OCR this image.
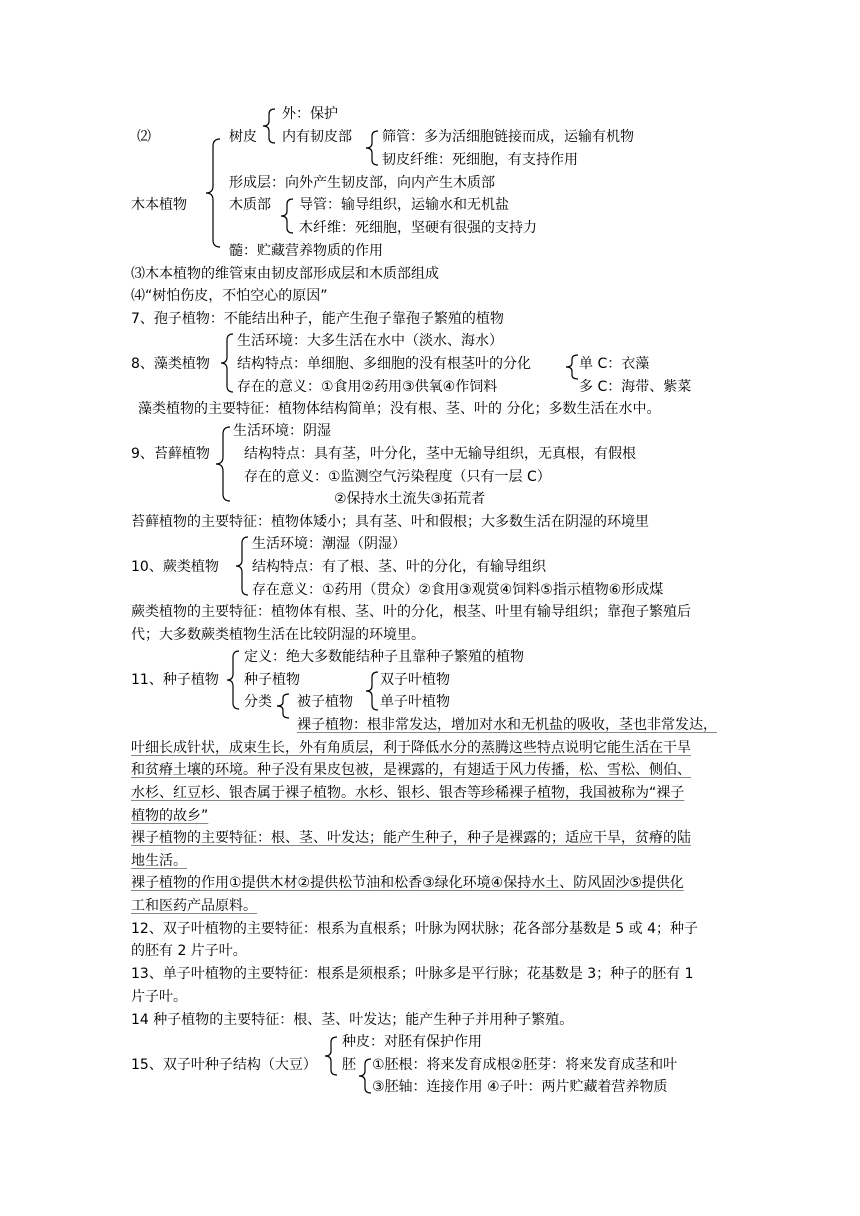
⑵
木本植物
树皮
外：保护
内有韧皮部 筛管：多为活细胞链接而成，运输有机物
韧皮纤维：死细胞，有支持作用
形成层：向外产生韧皮部，向内产生木质部
木质部 导管：输导组织，运输水和无机盐
木纤维：死细胞，坚硬有很强的支持力
髓：贮藏营养物质的作用
⑶木本植物的维管束由韧皮部形成层和木质部组成
⑷“树怕伤皮，不怕空心的原因”
7、孢子植物：不能结出种子，能产生孢子靠孢子繁殖的植物
8、藻类植物
生活环境：大多生活在水中（淡水、海水）
结构特点：单细胞、多细胞的没有根茎叶的分化	单 C：衣藻
多 C：海带、紫菜
存在的意义：①食用②药用③供氧④作饲料
藻类植物的主要特征：植物体结构简单；没有根、茎、叶的 分化；多数生活在水中。
9、苔藓植物
生活环境：阴湿
结构特点：具有茎，叶分化，茎中无输导组织，无真根，有假根
存在的意义：①监测空气污染程度（只有一层 C）
②保持水土流失③拓荒者
苔藓植物的主要特征：植物体矮小；具有茎、叶和假根；大多数生活在阴湿的环境里
10、蕨类植物
生活环境：潮湿（阴湿）
结构特点：有了根、茎、叶的分化，有输导组织
存在意义：①药用（贯众）②食用③观赏④饲料⑤指示植物⑥形成煤
蕨类植物的主要特征：植物体有根、茎、叶的分化，根茎、叶里有输导组织；靠孢子繁殖后
代；大多数蕨类植物生活在比较阴湿的环境里。
11、种子植物
定义：绝大多数能结种子且靠种子繁殖的植物
种子植物
分类 被子植物
双子叶植物
单子叶植物
裸子植物：根非常发达，增加对水和无机盐的吸收，茎也非常发达，
叶细长成针状，成束生长，外有角质层，利于降低水分的蒸腾这些特点说明它能生活在干旱
和贫瘠土壤的环境。种子没有果皮包被，是裸露的，有翅适于风力传播，松、雪松、侧伯、
水杉、红豆杉、银杏属于裸子植物。水杉、银杉、银杏等珍稀裸子植物，我国被称为“裸子
植物的故乡”
裸子植物的主要特征：根、茎、叶发达；能产生种子，种子是裸露的；适应干旱，贫瘠的陆
地生活。
裸子植物的作用①提供木材②提供松节油和松香③绿化环境④保持水土、防风固沙⑤提供化
工和医药产品原料。
12、双子叶植物的主要特征：根系为直根系；叶脉为网状脉；花各部分基数是 5 或 4；种子
的胚有 2 片子叶。
13、单子叶植物的主要特征：根系是须根系；叶脉多是平行脉；花基数是 3；种子的胚有 1
片子叶。
14 种子植物的主要特征：根、茎、叶发达；能产生种子并用种子繁殖。
15、双子叶种子结构（大豆）
种皮：对胚有保护作用
胚 ①胚根：将来发育成根②胚芽：将来发育成茎和叶
③胚轴：连接作用 ④子叶：两片贮藏着营养物质
